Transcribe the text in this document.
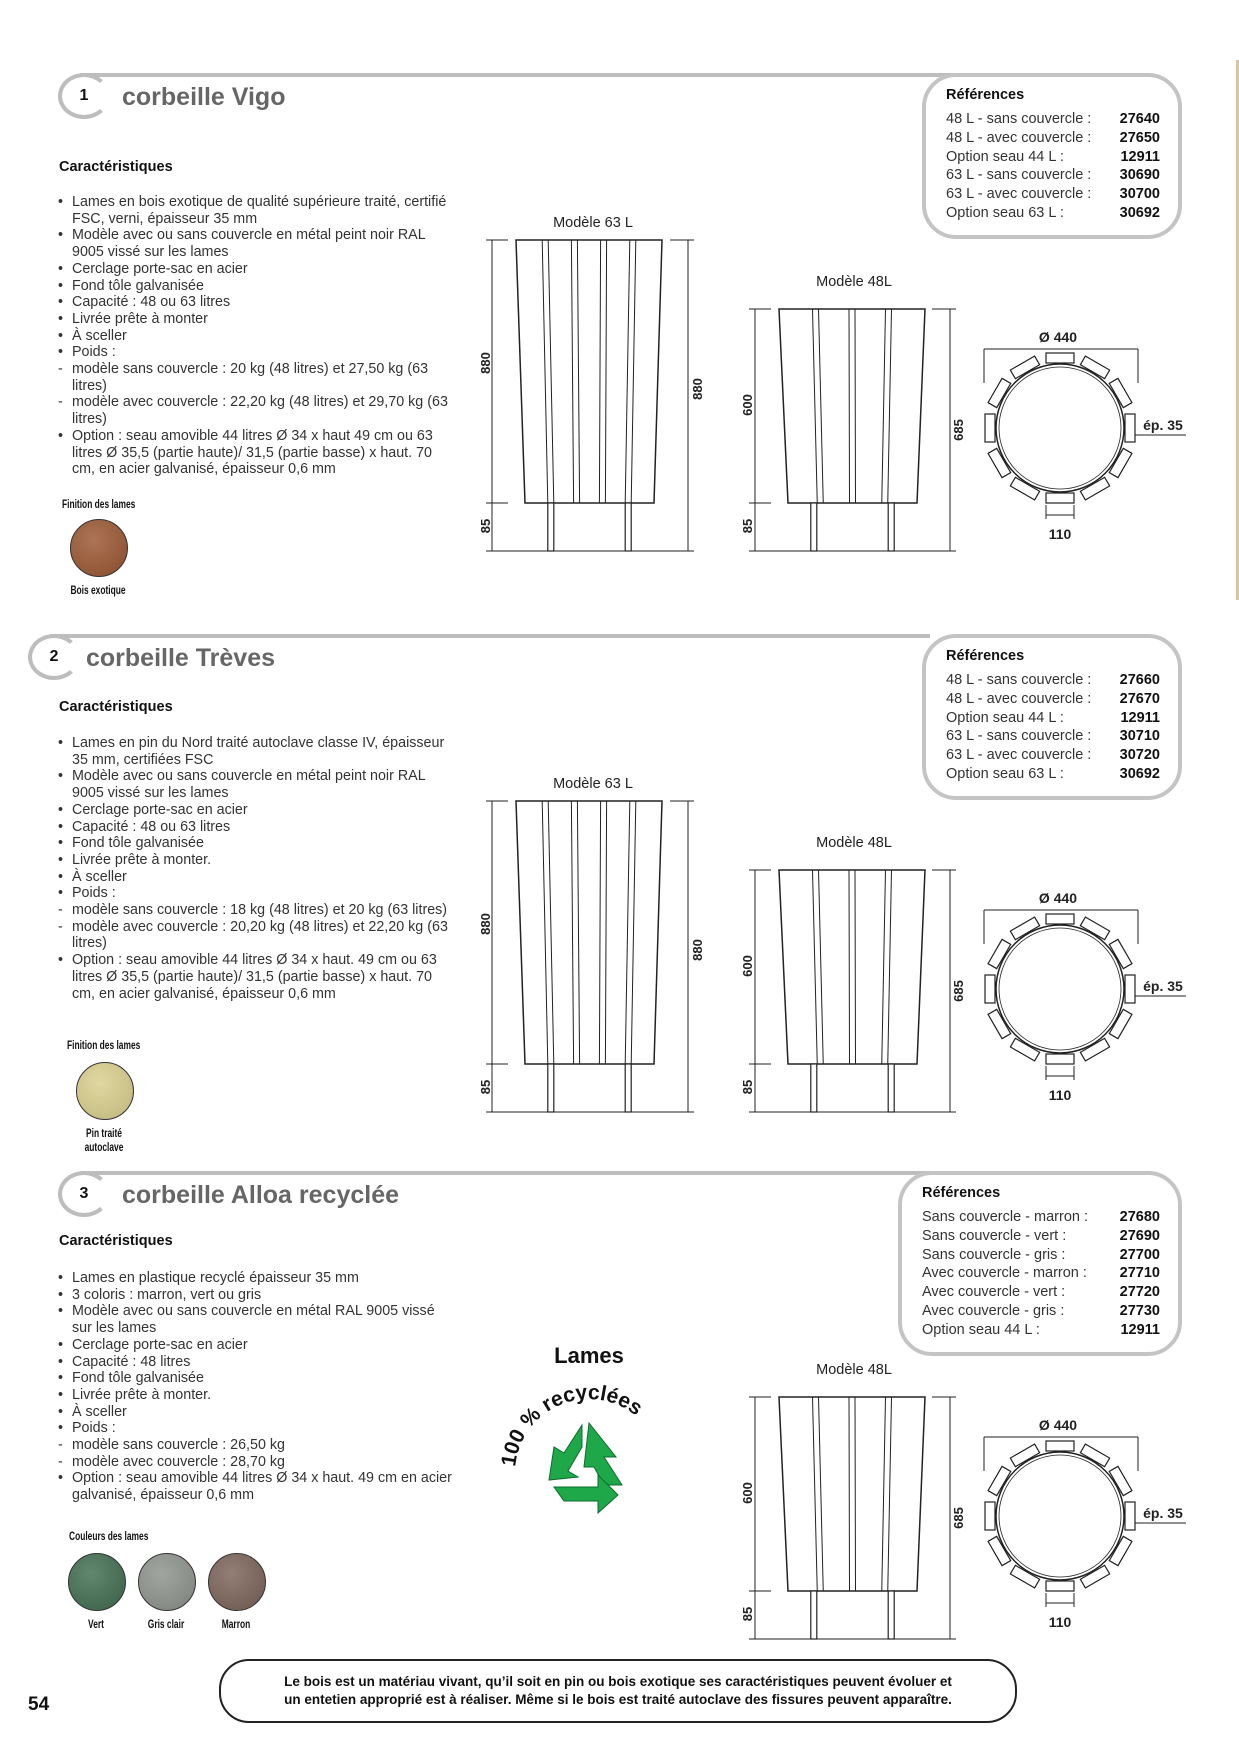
1	corbeille Vigo	Références
48 L - sans couvercle : 27640
48 L - avec couvercle : 27650
Option seau 44 L :	12911
63 L - sans couvercle : 30690
63 L - avec couvercle : 30700
Option seau 63 L :	30692
Caractéristiques
• Lames en bois exotique de qualité supérieure traité, certifié FSC, verni, épaisseur 35 mm
• Modèle avec ou sans couvercle en métal peint noir RAL 9005 vissé sur les lames
• Cerclage porte-sac en acier
• Fond tôle galvanisée
• Capacité : 48 ou 63 litres
• Livrée prête à monter
• À sceller
• Poids :
- modèle sans couvercle : 20 kg (48 litres) et 27,50 kg (63 litres)
- modèle avec couvercle : 22,20 kg (48 litres) et 29,70 kg (63 litres)
• Option : seau amovible 44 litres Ø 34 x haut 49 cm ou 63 litres Ø 35,5 (partie haute)/ 31,5 (partie basse) x haut. 70 cm, en acier galvanisé, épaisseur 0,6 mm
Finition des lames
Modèle 63 L
880
880
85
Modèle 48L
600
85
685
Ø 440
110
ép. 35
Bois exotique
2	corbeille Trèves	Références
48 L - sans couvercle : 27660
48 L - avec couvercle : 27670
Option seau 44 L :	12911
63 L - sans couvercle : 30710
63 L - avec couvercle : 30720
Option seau 63 L :	30692
Caractéristiques
• Lames en pin du Nord traité autoclave classe IV, épaisseur 35 mm, certifiées FSC
• Modèle avec ou sans couvercle en métal peint noir RAL 9005 vissé sur les lames
• Cerclage porte-sac en acier
• Capacité : 48 ou 63 litres
• Fond tôle galvanisée
• Livrée prête à monter.
• À sceller
• Poids :
- modèle sans couvercle : 18 kg (48 litres) et 20 kg (63 litres)
- modèle avec couvercle : 20,20 kg (48 litres) et 22,20 kg (63 litres)
• Option : seau amovible 44 litres Ø 34 x haut. 49 cm ou 63 litres Ø 35,5 (partie haute)/ 31,5 (partie basse) x haut. 70 cm, en acier galvanisé, épaisseur 0,6 mm
Finition des lames
Modèle 63 L
880
880
85
Modèle 48L
600
85
685
Ø 440
110
ép. 35
Pin traité autoclave
3	corbeille Alloa recyclée	Références
Sans couvercle - marron : 27680
Sans couvercle - vert :	27690
Sans couvercle - gris :	27700
Avec couvercle - marron : 27710
Avec couvercle - vert :	27720
Avec couvercle - gris :	27730
Option seau 44 L :	12911
Caractéristiques
• Lames en plastique recyclé épaisseur 35 mm
• 3 coloris : marron, vert ou gris
• Modèle avec ou sans couvercle en métal RAL 9005 vissé sur les lames
• Cerclage porte-sac en acier
• Capacité : 48 litres
• Fond tôle galvanisée
• Livrée prête à monter.
• À sceller
• Poids :
- modèle sans couvercle : 26,50 kg
- modèle avec couvercle : 28,70 kg
• Option : seau amovible 44 litres Ø 34 x haut. 49 cm en acier galvanisé, épaisseur 0,6 mm
Couleurs des lames
Modèle 48L
600
85
685
Ø 440
110
ép. 35
Lames
100 % recyclées
Vert	Gris clair	Marron
Le bois est un matériau vivant, qu’il soit en pin ou bois exotique ses caractéristiques peuvent évoluer et
un entetien approprié est à réaliser. Même si le bois est traité autoclave des fissures peuvent apparaître.
54
